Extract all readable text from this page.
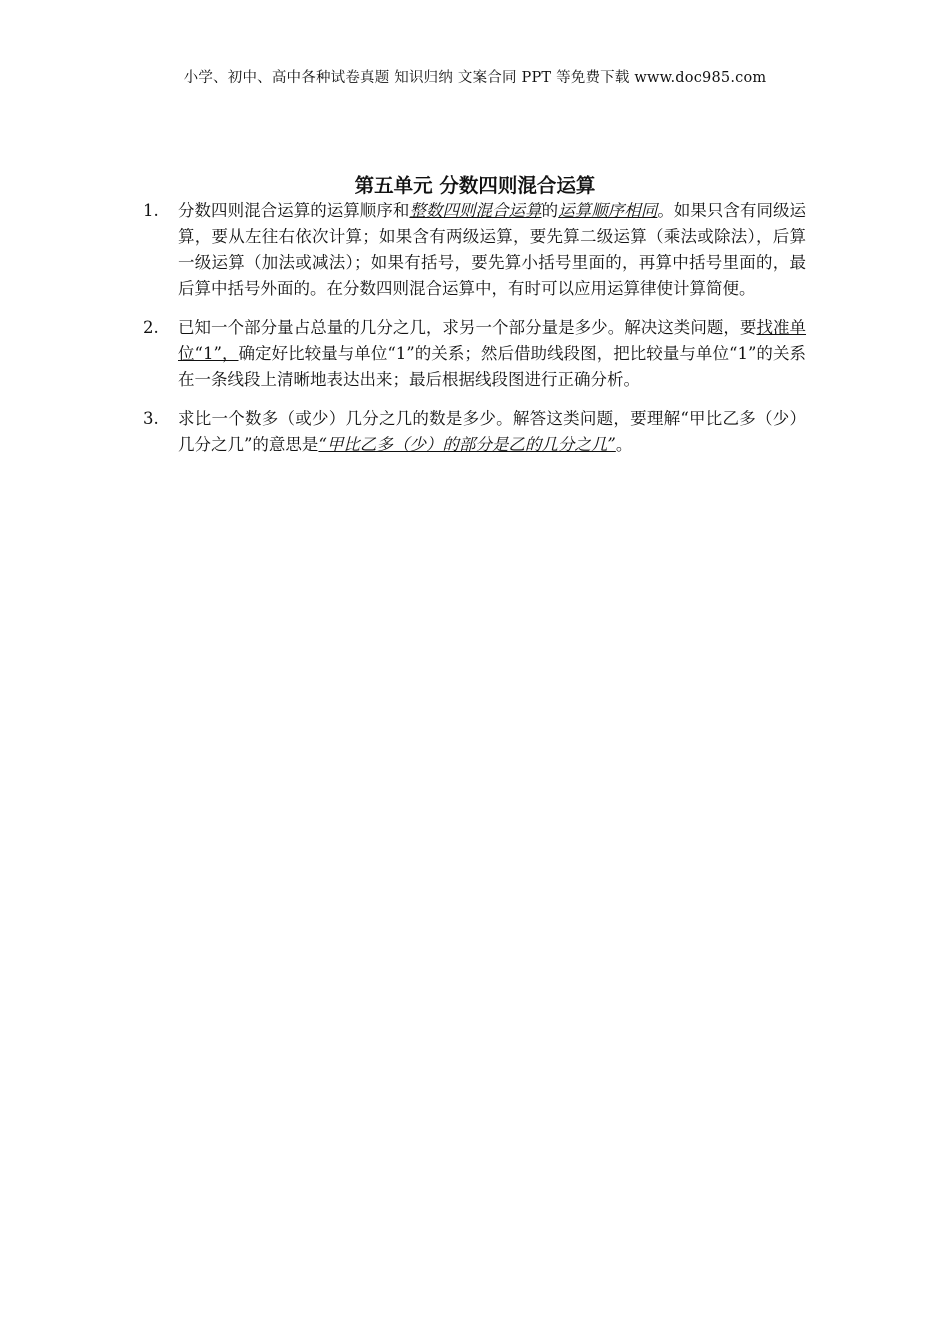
小学、初中、高中各种试卷真题 知识归纳 文案合同 PPT 等免费下载 www.doc985.com
第五单元 分数四则混合运算
1. 分数四则混合运算的运算顺序和整数四则混合运算的运算顺序相同。如果只含有同级运算，要从左往右依次计算；如果含有两级运算，要先算二级运算（乘法或除法），后算一级运算（加法或减法）；如果有括号，要先算小括号里面的，再算中括号里面的，最后算中括号外面的。在分数四则混合运算中，有时可以应用运算律使计算简便。
2. 已知一个部分量占总量的几分之几，求另一个部分量是多少。解决这类问题，要找准单位“1”，确定好比较量与单位“1”的关系；然后借助线段图，把比较量与单位“1”的关系在一条线段上清晰地表达出来；最后根据线段图进行正确分析。
3. 求比一个数多（或少）几分之几的数是多少。解答这类问题，要理解“甲比乙多（少）几分之几”的意思是“甲比乙多（少）的部分是乙的几分之几”。
